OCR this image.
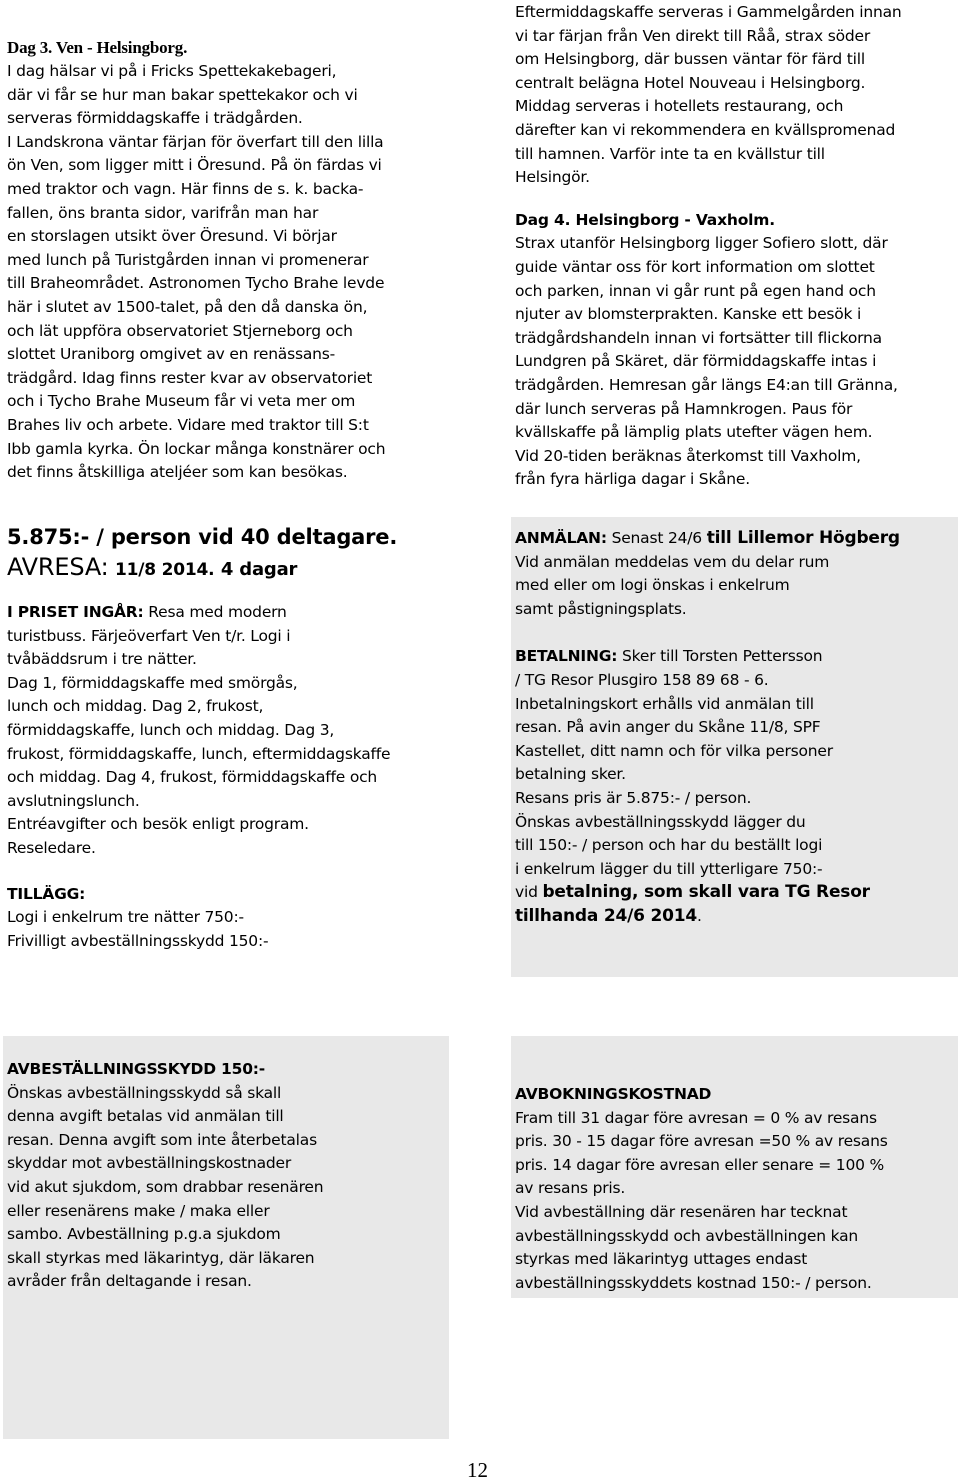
Dag 3. Ven - Helsingborg.
I dag hälsar vi på i Fricks Spettekakebageri,
där vi får se hur man bakar spettekakor och vi
serveras förmiddagskaffe i trädgården.
I Landskrona väntar färjan för överfart till den lilla
ön Ven, som ligger mitt i Öresund. På ön färdas vi
med traktor och vagn. Här finns de s. k. backa-
fallen, öns branta sidor, varifrån man har
en storslagen utsikt över Öresund. Vi börjar
med lunch på Turistgården innan vi promenerar
till Braheområdet. Astronomen Tycho Brahe levde
här i slutet av 1500-talet, på den då danska ön,
och lät uppföra observatoriet Stjerneborg och
slottet Uraniborg omgivet av en renässans-
trädgård. Idag finns rester kvar av observatoriet
och i Tycho Brahe Museum får vi veta mer om
Brahes liv och arbete. Vidare med traktor till S:t
Ibb gamla kyrka. Ön lockar många konstnärer och
det finns åtskilliga ateljéer som kan besökas.
Eftermiddagskaffe serveras i Gammelgården innan
vi tar färjan från Ven direkt till Råå, strax söder
om Helsingborg, där bussen väntar för färd till
centralt belägna Hotel Nouveau i Helsingborg.
Middag serveras i hotellets restaurang, och
därefter kan vi rekommendera en kvällspromenad
till hamnen. Varför inte ta en kvällstur till
Helsingör.
Dag 4. Helsingborg - Vaxholm.
Strax utanför Helsingborg ligger Sofiero slott, där
guide väntar oss för kort information om slottet
och parken, innan vi går runt på egen hand och
njuter av blomsterprakten. Kanske ett besök i
trädgårdshandeln innan vi fortsätter till flickorna
Lundgren på Skäret, där förmiddagskaffe intas i
trädgården. Hemresan går längs E4:an till Gränna,
där lunch serveras på Hamnkrogen. Paus för
kvällskaffe på lämplig plats utefter vägen hem.
Vid 20-tiden beräknas återkomst till Vaxholm,
från fyra härliga dagar i Skåne.
5.875:- / person vid 40 deltagare.
AVRESA: 11/8 2014. 4 dagar
I PRISET INGÅR: Resa med modern
turistbuss. Färjeöverfart Ven t/r. Logi i
tvåbäddsrum i tre nätter.
Dag 1, förmiddagskaffe med smörgås,
lunch och middag. Dag 2, frukost,
förmiddagskaffe, lunch och middag. Dag 3,
frukost, förmiddagskaffe, lunch, eftermiddagskaffe
och middag. Dag 4, frukost, förmiddagskaffe och
avslutningslunch.
Entréavgifter och besök enligt program.
Reseledare.
TILLÄGG:
Logi i enkelrum tre nätter 750:-
Frivilligt avbeställningsskydd 150:-
ANMÄLAN: Senast 24/6 till Lillemor Högberg
Vid anmälan meddelas vem du delar rum
med eller om logi önskas i enkelrum
samt påstigningsplats.
BETALNING: Sker till Torsten Pettersson
/ TG Resor Plusgiro 158 89 68 - 6.
Inbetalningskort erhålls vid anmälan till
resan. På avin anger du Skåne 11/8, SPF
Kastellet, ditt namn och för vilka personer
betalning sker.
Resans pris är 5.875:- / person.
Önskas avbeställningsskydd lägger du
till 150:- / person och har du beställt logi
i enkelrum lägger du till ytterligare 750:-
vid betalning, som skall vara TG Resor
tillhanda 24/6 2014.
AVBESTÄLLNINGSSKYDD 150:-
Önskas avbeställningsskydd så skall
denna avgift betalas vid anmälan till
resan. Denna avgift som inte återbetalas
skyddar mot avbeställningskostnader
vid akut sjukdom, som drabbar resenären
eller resenärens make / maka eller
sambo. Avbeställning p.g.a sjukdom
skall styrkas med läkarintyg, där läkaren
avråder från deltagande i resan.
AVBOKNINGSKOSTNAD
Fram till 31 dagar före avresan = 0 % av resans
pris. 30 - 15 dagar före avresan =50 % av resans
pris. 14 dagar före avresan eller senare = 100 %
av resans pris.
Vid avbeställning där resenären har tecknat
avbeställningsskydd och avbeställningen kan
styrkas med läkarintyg uttages endast
avbeställningsskyddets kostnad 150:- / person.
12
